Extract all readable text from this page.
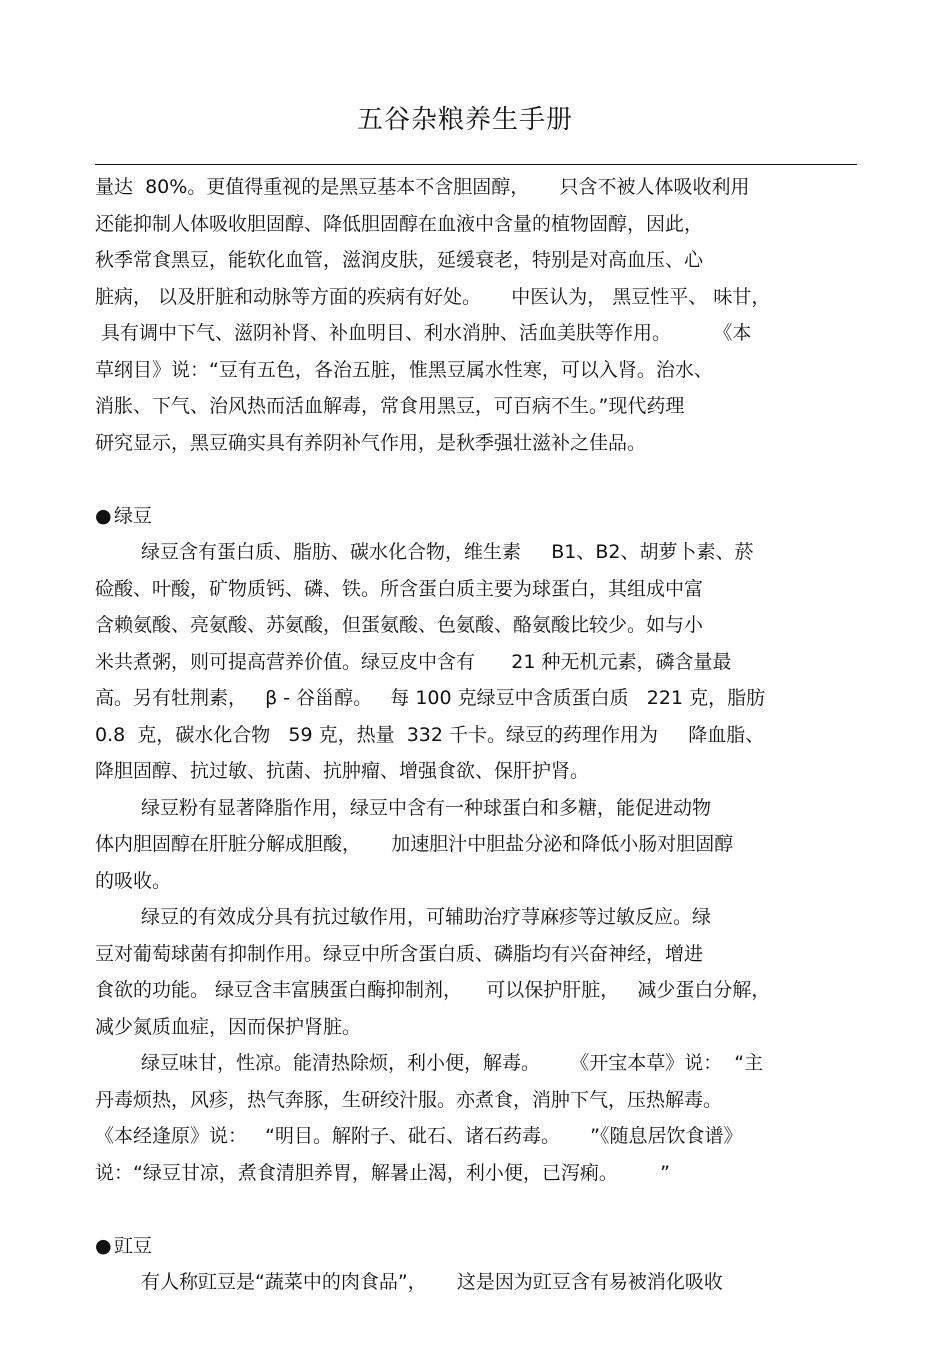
五谷杂粮养生手册
量达  80%。更值得重视的是黑豆基本不含胆固醇，     只含不被人体吸收利用
还能抑制人体吸收胆固醇、降低胆固醇在血液中含量的植物固醇，因此，
秋季常食黑豆，能软化血管，滋润皮肤，延缓衰老，特别是对高血压、心
脏病， 以及肝脏和动脉等方面的疾病有好处。     中医认为， 黑豆性平、 味甘，
具有调中下气、滋阴补肾、补血明目、利水消肿、活血美肤等作用。       《本
草纲目》说：“豆有五色，各治五脏，惟黑豆属水性寒，可以入肾。治水、
消胀、下气、治风热而活血解毒，常食用黑豆，可百病不生。”现代药理
研究显示，黑豆确实具有养阴补气作用，是秋季强壮滋补之佳品。
● 绿豆
绿豆含有蛋白质、脂肪、碳水化合物，维生素     B1、B2、胡萝卜素、菸
硷酸、叶酸，矿物质钙、磷、铁。所含蛋白质主要为球蛋白，其组成中富
含赖氨酸、亮氨酸、苏氨酸，但蛋氨酸、色氨酸、酪氨酸比较少。如与小
米共煮粥，则可提高营养价值。绿豆皮中含有      21 种无机元素，磷含量最
高。另有牡荆素，   β - 谷甾醇。   每 100 克绿豆中含质蛋白质   221 克，脂肪
0.8  克，碳水化合物   59 克，热量  332 千卡。绿豆的药理作用为     降血脂、
降胆固醇、抗过敏、抗菌、抗肿瘤、增强食欲、保肝护肾。
绿豆粉有显著降脂作用，绿豆中含有一种球蛋白和多糖，能促进动物
体内胆固醇在肝脏分解成胆酸，     加速胆汁中胆盐分泌和降低小肠对胆固醇
的吸收。
绿豆的有效成分具有抗过敏作用，可辅助治疗荨麻疹等过敏反应。绿
豆对葡萄球菌有抑制作用。绿豆中所含蛋白质、磷脂均有兴奋神经，增进
食欲的功能。 绿豆含丰富胰蛋白酶抑制剂，    可以保护肝脏，   减少蛋白分解，
减少氮质血症，因而保护肾脏。
绿豆味甘，性凉。能清热除烦，利小便，解毒。     《开宝本草》说：  “主
丹毒烦热，风疹，热气奔豚，生研绞汁服。亦煮食，消肿下气，压热解毒。
《本经逢原》说：   “明目。解附子、砒石、诸石药毒。     ”《随息居饮食谱》
说：“绿豆甘凉，煮食清胆养胃，解暑止渴，利小便，已泻痢。       ”
● 豇豆
有人称豇豆是“蔬菜中的肉食品”，     这是因为豇豆含有易被消化吸收
